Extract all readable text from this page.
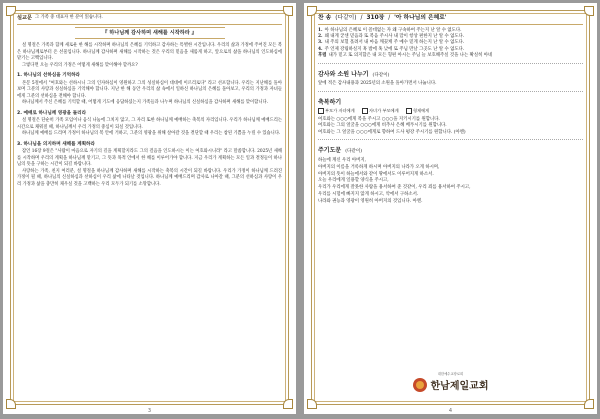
설교문 그 가족 중 대표자 한 분이 읽습니다.
『 하나님께 감사하며 새해를 시작하라 』

설 명절은 가족과 함께 새로운 한 해를 시작하며 하나님의 은혜를 기억하고 감사하는 특별한 시간입니다. 우리의 삶과 가정에 주어진 모든 복은 하나님께로부터 온 선물입니다. 하나님께 감사하며 새해를 시작하는 것은 우리의 믿음을 새롭게 하고, 앞으로의 삶을 하나님의 인도하심에 맡기는 고백입니다.

그렇다면 오늘 우리의 가정은 어떻게 새해를 맞이해야 할까요?

1. 하나님의 선하심을 기억하라

본문 5절에서 "여호와는 선하시니 그의 인자하심이 영원하고 그의 성실하심이 대대에 이르리로다" 라고 선포합니다. 우리는 지난해를 돌아보며 그분의 사랑과 성실하심을 기억해야 합니다. 지난 한 해 동안 우리의 삶 속에서 일하신 하나님의 은혜를 돌아보고, 우리의 가정과 자녀들에게 그분의 선하심을 전해야 합니다.

하나님께서 주신 은혜를 기억할 때, 어떻게 기도에 응답하셨는지 가족들과 나누며 하나님의 신실하심을 감사하며 새해를 맞이합니다.

2. 예배로 하나님께 영광을 돌리라

설 명절은 단순히 가족 모임이나 음식 나눔에 그치지 않고, 그 자리 또한 하나님께 예배하는 축복의 자리입니다. 우리가 하나님께 예배드리는 시간으로 채워질 때, 하나님께서 우리 가정의 중심이 되실 것입니다.

하나님께 예배를 드리며 가정이 하나님의 복 안에 거하고, 그분의 영광을 위해 살아갈 것을 결단할 때 우리는 참된 기쁨을 누릴 수 있습니다.

3. 하나님을 의지하며 새해를 계획하라

잠언 16장 9절은 "사람이 마음으로 자기의 길을 계획할지라도 그의 걸음을 인도하시는 이는 여호와시니라" 라고 말씀합니다. 2025년 새해를 시작하며 우리의 계획을 하나님께 맡기고, 그 뜻과 목적 안에서 한 해를 이루어가야 합니다. 지금 우리가 계획하는 모든 일과 결정들이 하나님의 뜻을 구하는 시간이 되길 바랍니다.

사랑하는 가족, 친지 여러분, 설 명절을 하나님께 감사하며 새해를 시작하는 축복의 시간이 되길 바랍니다. 우리가 가정이 하나님께 드려진 가정이 될 때, 하나님의 신실하심과 선하심이 우리 삶에 나타날 것입니다. 하나님께 예배드리며 감사로 나아갈 때, 그분의 선하심과 사랑이 우리 가정과 삶을 충만히 채우실 것을 고백하는 우리 모두가 되기를 소망합니다.

3
찬 송 (다같이) / 310장 / '아 하나님의 은혜로'
1. 아 하나님의 은혜로 이 쓸데없는 자 왜 구속하여 주는지 난 알 수 없도다.
2. 왜 내게 굳센 믿음과 또 복음 주시사 내 맘이 항상 편한지 난 알 수 없도다.
3. 내 주의 보혈 흘려서 내 마음 깨끗케 주 예수 믿게 하는지 난 알 수 없도다.
4. 주 언제 강림하실지 혹 밤에 혹 낮에 또 주님 만날 그곳도 난 알 수 없도다.
후렴 내가 믿고 또 의지함은 내 모든 형편 아시는 주님 늘 보호해주실 것을 나는 확실히 아네
감사와 소원 나누기 (다같이)
앞에 적은 감사내용과 2025년의 소원을 돌아가면서 나눕니다.
축복하기
부모가 자녀에게	자녀가 부모에게	형제에게
여호와는 ○○○에게 복을 주시고 ○○○을 지키시기를 원합니다.
여호와는 그의 얼굴을 ○○○에게 비추사 은혜 베푸시기를 원합니다.
여호와는 그 얼굴을 ○○○에게로 향하여 드사 평강 주시기를 원합니다. (아멘)
주기도문 (다같이)
하늘에 계신 우리 아버지,
아버지의 이름을 거룩하게 하시며 아버지의 나라가 오게 하시며,
아버지의 뜻이 하늘에서와 같이 땅에서도 이루어지게 하소서.
오늘 우리에게 일용할 양식을 주시고,
우리가 우리에게 잘못한 사람을 용서하여 준 것같이, 우리 죄를 용서하여 주시고,
우리를 시험에 빠지지 않게 하시고, 악에서 구하소서.
나라와 권능과 영광이 영원히 아버지의 것입니다. 아멘.
대한예수교장로회
한남제일교회
4
